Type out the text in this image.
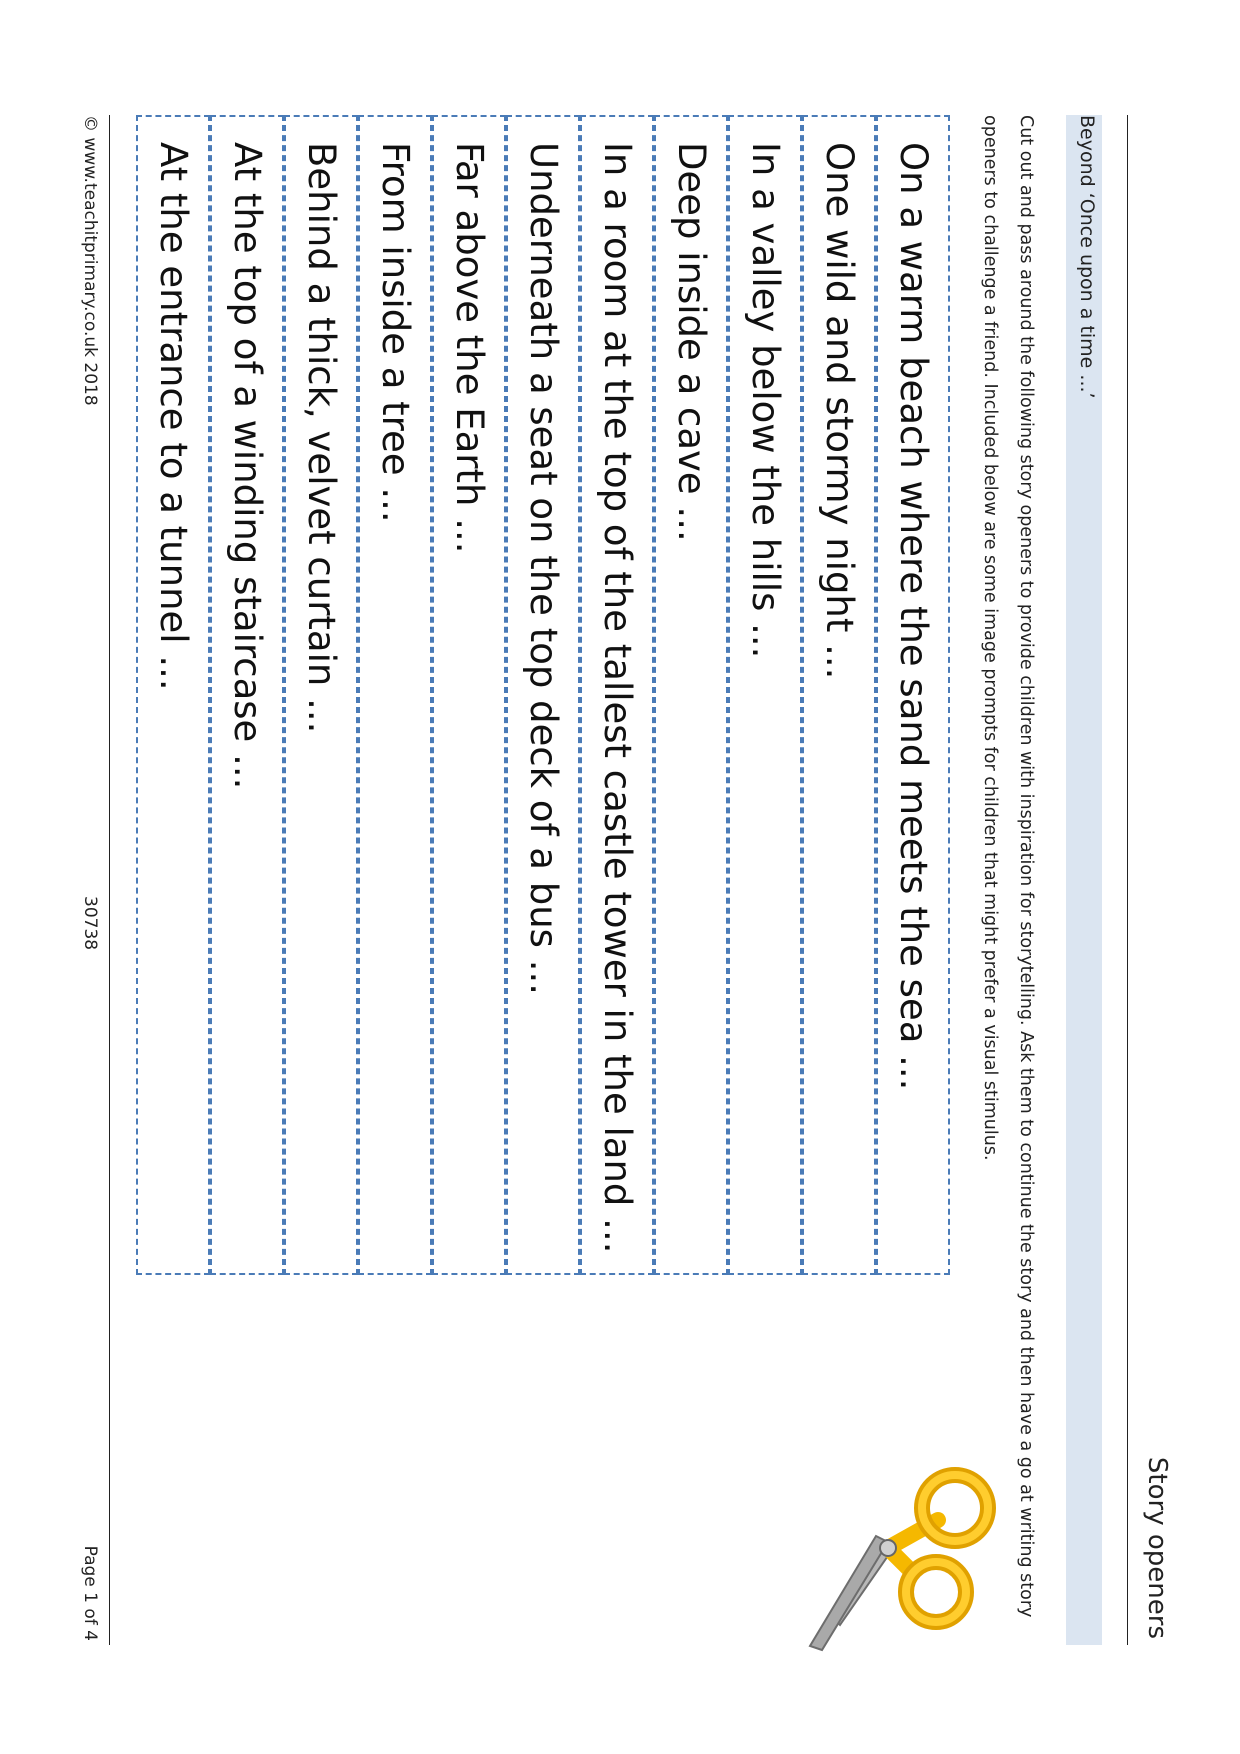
Story openers
Beyond ‘Once upon a time ...’
Cut out and pass around the following story openers to provide children with inspiration for storytelling. Ask them to continue the story and then have a go at writing story openers to challenge a friend. Included below are some image prompts for children that might prefer a visual stimulus.
On a warm beach where the sand meets the sea ...
One wild and stormy night ...
In a valley below the hills ...
Deep inside a cave ...
In a room at the top of the tallest castle tower in the land ...
Underneath a seat on the top deck of a bus ...
Far above the Earth ...
From inside a tree ...
Behind a thick, velvet curtain ...
At the top of a winding staircase ...
At the entrance to a tunnel ...
© www.teachitprimary.co.uk 2018
30738
Page 1 of 4
